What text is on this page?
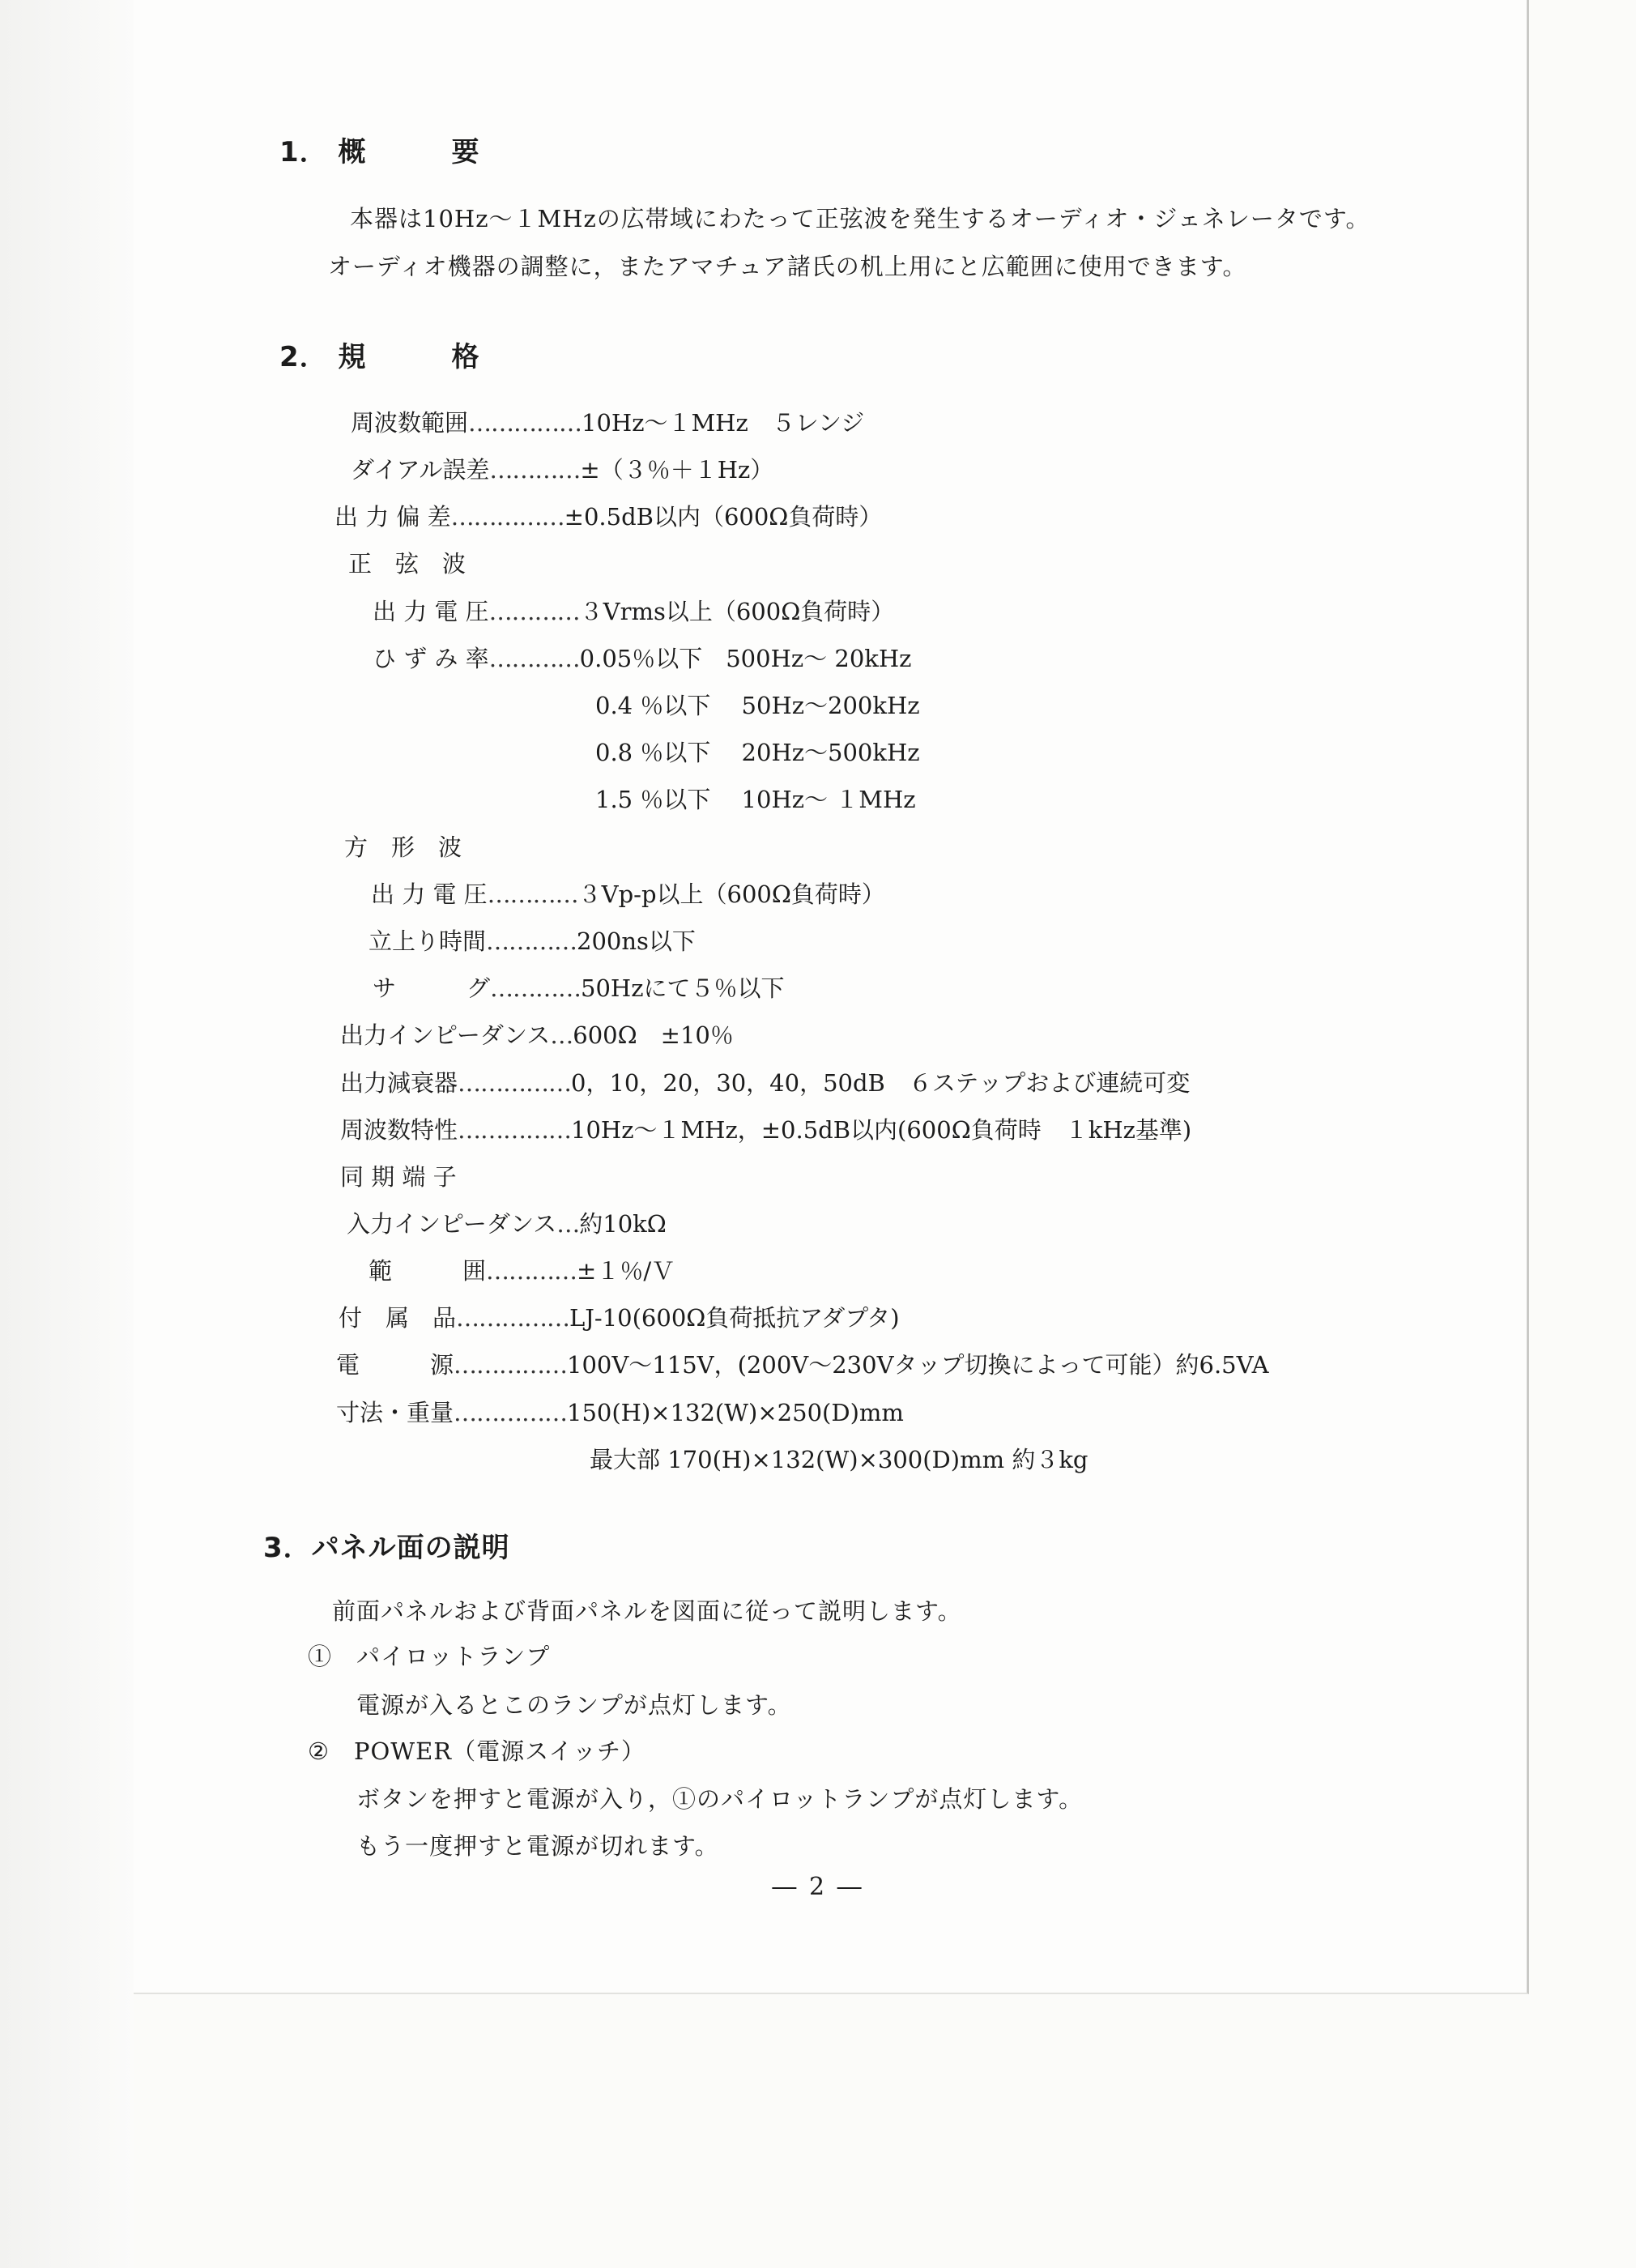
1． 概	要
本器は10Hz～１MHzの広帯域にわたって正弦波を発生するオーディオ・ジェネレータです。
オーディオ機器の調整に，またアマチュア諸氏の机上用にと広範囲に使用できます。
2． 規	格
周波数範囲……………10Hz～１MHz　５レンジ
ダイアル誤差…………±（３％＋１Hz）
出 力 偏 差……………±0.5dB以内（600Ω負荷時）
正　弦　波
出 力 電 圧…………３Vrms以上（600Ω負荷時）
ひ ず み 率…………0.05％以下　500Hz～ 20kHz
0.4 ％以下　 50Hz～200kHz
0.8 ％以下　 20Hz～500kHz
1.5 ％以下　 10Hz～ １MHz
方　形　波
出 力 電 圧…………３Vp-p以上（600Ω負荷時）
立上り時間…………200ns以下
サ　　　グ…………50Hzにて５％以下
出力インピーダンス…600Ω　±10％
出力減衰器……………0，10，20，30，40，50dB　６ステップおよび連続可変
周波数特性……………10Hz～１MHz，±0.5dB以内(600Ω負荷時　１kHz基準)
同 期 端 子
入力インピーダンス…約10kΩ
範　　　囲…………±１％/Ｖ
付　属　品……………LJ-10(600Ω負荷抵抗アダプタ)
電　　　源……………100V～115V，(200V～230Vタップ切換によって可能）約6.5VA
寸法・重量……………150(H)×132(W)×250(D)mm
最大部 170(H)×132(W)×300(D)mm 約３kg
3．パネル面の説明
前面パネルおよび背面パネルを図面に従って説明します。
①　パイロットランプ
電源が入るとこのランプが点灯します。
②　POWER（電源スイッチ）
ボタンを押すと電源が入り，①のパイロットランプが点灯します。
もう一度押すと電源が切れます。
― 2 ―
